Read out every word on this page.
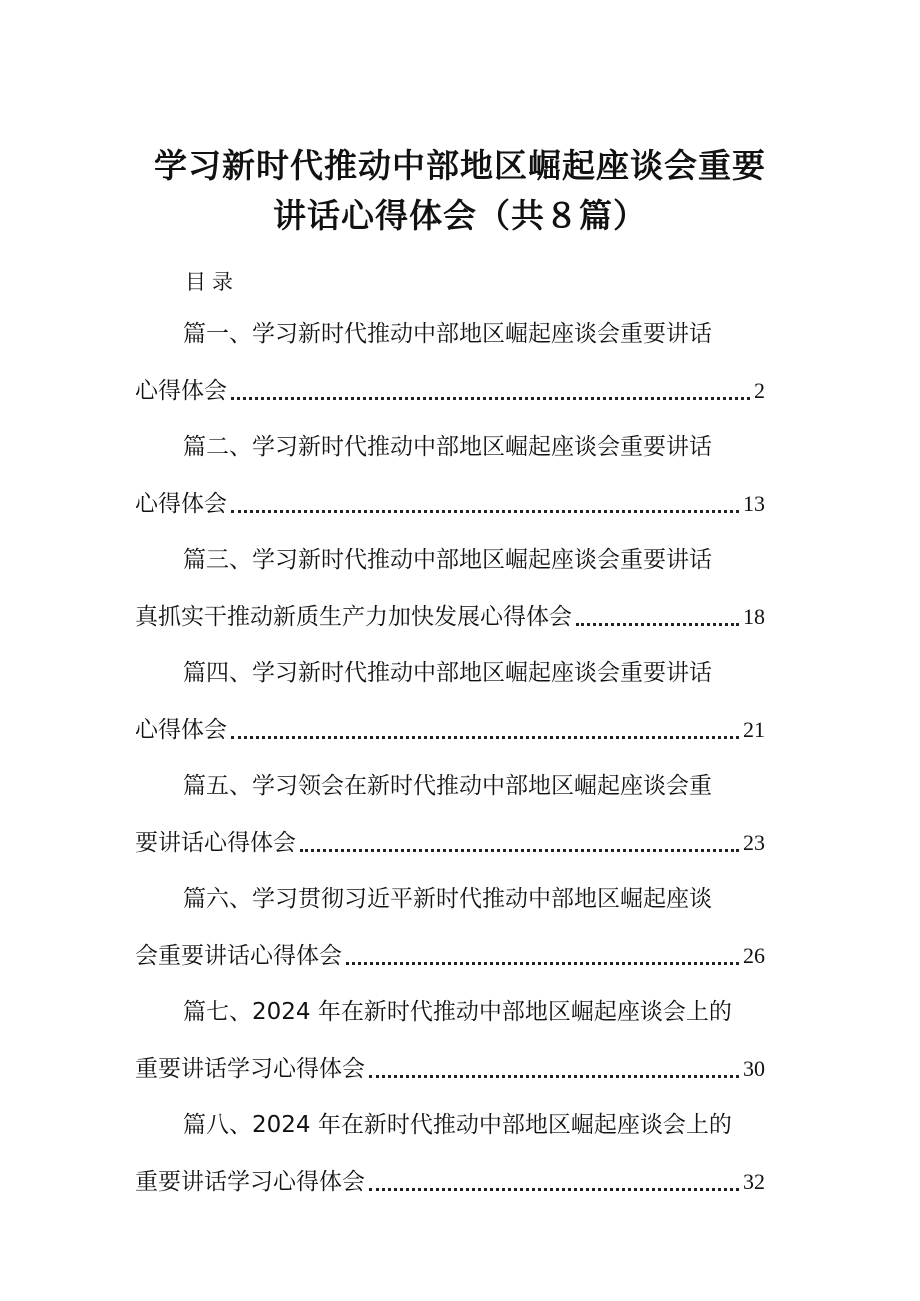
学习新时代推动中部地区崛起座谈会重要
讲话心得体会（共８篇）
目录
篇一、学习新时代推动中部地区崛起座谈会重要讲话
心得体会	2
篇二、学习新时代推动中部地区崛起座谈会重要讲话
心得体会	13
篇三、学习新时代推动中部地区崛起座谈会重要讲话
真抓实干推动新质生产力加快发展心得体会	18
篇四、学习新时代推动中部地区崛起座谈会重要讲话
心得体会	21
篇五、学习领会在新时代推动中部地区崛起座谈会重
要讲话心得体会	23
篇六、学习贯彻习近平新时代推动中部地区崛起座谈
会重要讲话心得体会	26
篇七、2024 年在新时代推动中部地区崛起座谈会上的
重要讲话学习心得体会	30
篇八、2024 年在新时代推动中部地区崛起座谈会上的
重要讲话学习心得体会	32
